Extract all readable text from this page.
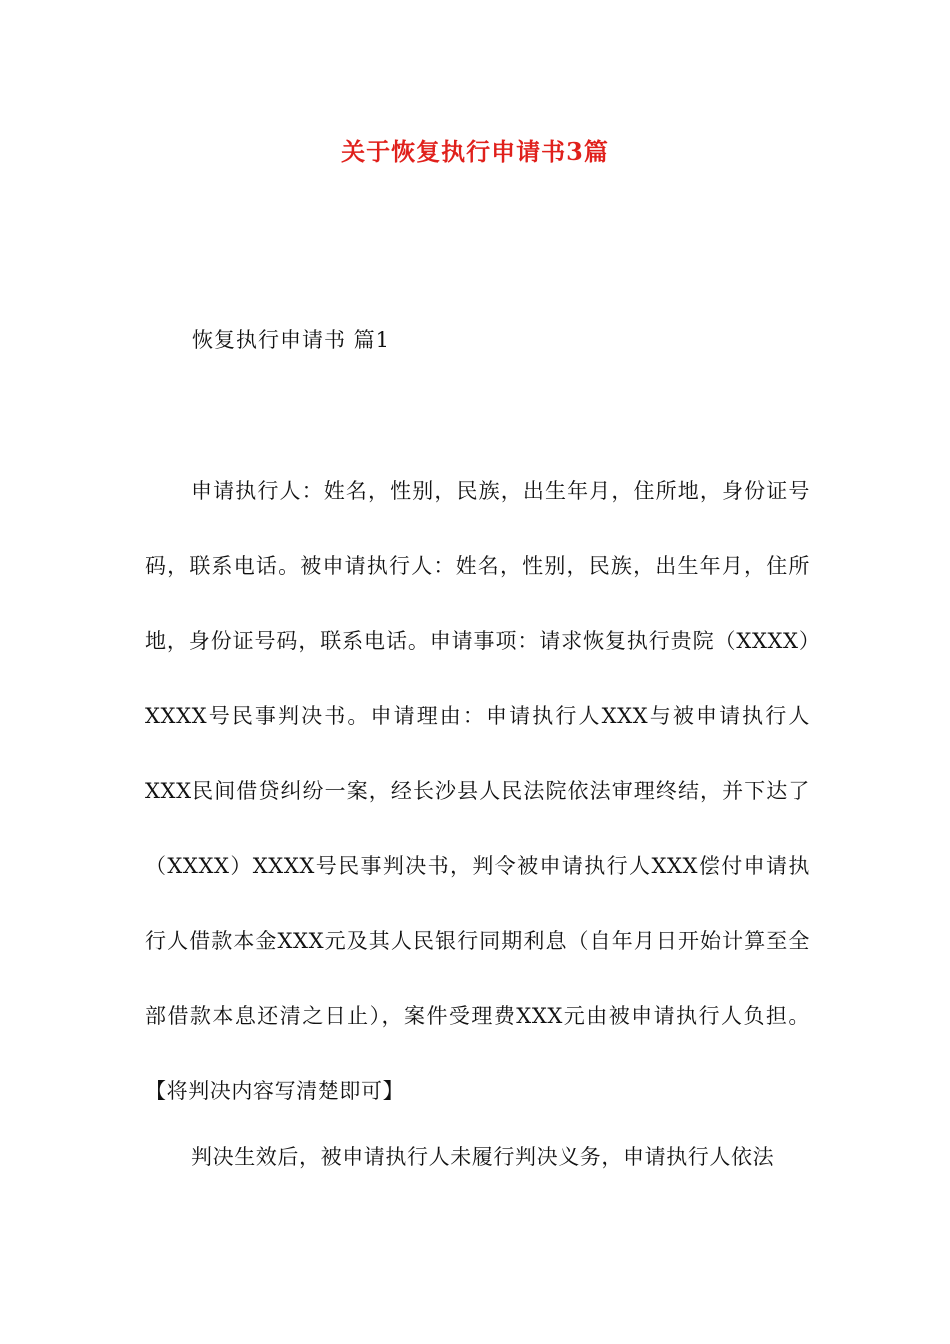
关于恢复执行申请书3篇

恢复执行申请书 篇1

申请执行人：姓名，性别，民族，出生年月，住所地，身份证号码，联系电话。被申请执行人：姓名，性别，民族，出生年月，住所地，身份证号码，联系电话。申请事项：请求恢复执行贵院（XXXX）XXXX号民事判决书。申请理由：申请执行人XXX与被申请执行人XXX民间借贷纠纷一案，经长沙县人民法院依法审理终结，并下达了（XXXX）XXXX号民事判决书，判令被申请执行人XXX偿付申请执行人借款本金XXX元及其人民银行同期利息（自年月日开始计算至全部借款本息还清之日止），案件受理费XXX元由被申请执行人负担。【将判决内容写清楚即可】

判决生效后，被申请执行人未履行判决义务，申请执行人依法
